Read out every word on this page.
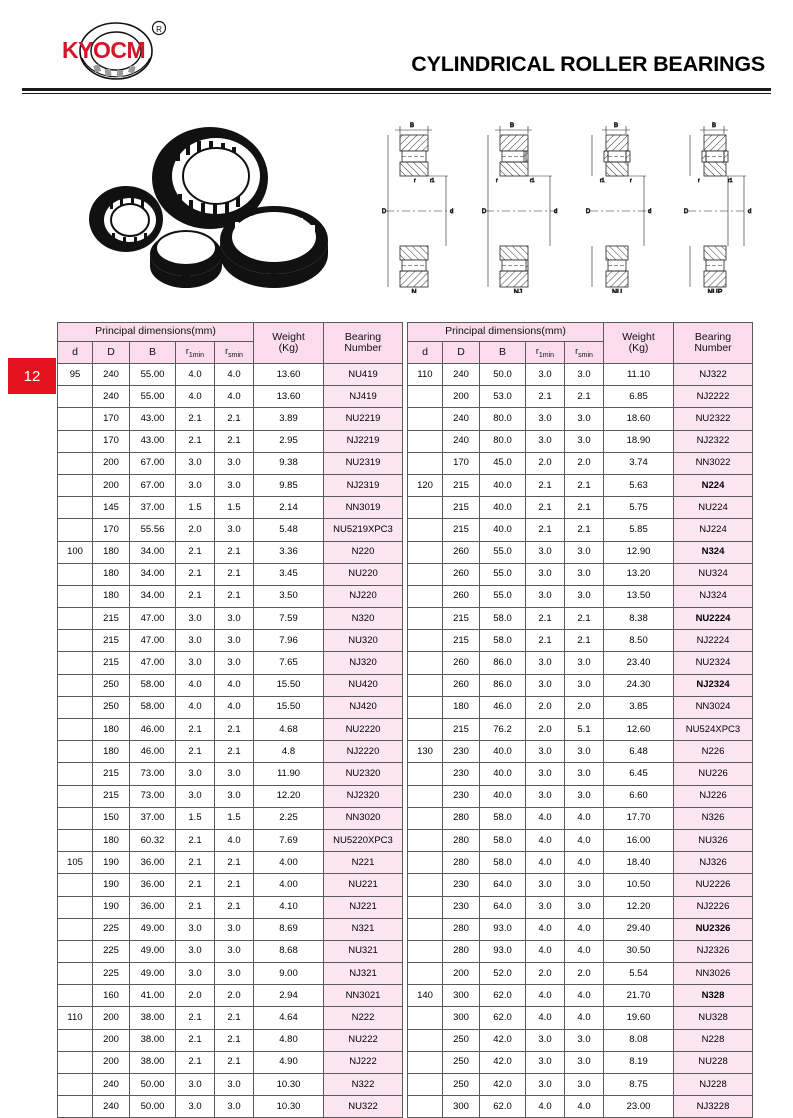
KYOCM
R
CYLINDRICAL ROLLER BEARINGS
B
D	d
r	r1
N
B
D	d
r	r1
NJ
B
D	d
r1	r
NU
B
D	d
r	r1
NUP
12
Principal dimensions(mm)	Weight
(Kg)

Bearing
Number

d	D	B	$r_{1min}$	$r_{smin}$
95	240	55.00	4.0	4.0	13.60	NU419
	240	55.00	4.0	4.0	13.60	NJ419
	170	43.00	2.1	2.1	3.89	NU2219
	170	43.00	2.1	2.1	2.95	NJ2219
	200	67.00	3.0	3.0	9.38	NU2319
	200	67.00	3.0	3.0	9.85	NJ2319
	145	37.00	1.5	1.5	2.14	NN3019
	170	55.56	2.0	3.0	5.48	NU5219XPC3
100	180	34.00	2.1	2.1	3.36	N220
	180	34.00	2.1	2.1	3.45	NU220
	180	34.00	2.1	2.1	3.50	NJ220
	215	47.00	3.0	3.0	7.59	N320
	215	47.00	3.0	3.0	7.96	NU320
	215	47.00	3.0	3.0	7.65	NJ320
	250	58.00	4.0	4.0	15.50	NU420
	250	58.00	4.0	4.0	15.50	NJ420
	180	46.00	2.1	2.1	4.68	NU2220
	180	46.00	2.1	2.1	4.8	NJ2220
	215	73.00	3.0	3.0	11.90	NU2320
	215	73.00	3.0	3.0	12.20	NJ2320
	150	37.00	1.5	1.5	2.25	NN3020
	180	60.32	2.1	4.0	7.69	NU5220XPC3
105	190	36.00	2.1	2.1	4.00	N221
	190	36.00	2.1	2.1	4.00	NU221
	190	36.00	2.1	2.1	4.10	NJ221
	225	49.00	3.0	3.0	8.69	N321
	225	49.00	3.0	3.0	8.68	NU321
	225	49.00	3.0	3.0	9.00	NJ321
	160	41.00	2.0	2.0	2.94	NN3021
110	200	38.00	2.1	2.1	4.64	N222
	200	38.00	2.1	2.1	4.80	NU222
	200	38.00	2.1	2.1	4.90	NJ222
	240	50.00	3.0	3.0	10.30	N322
	240	50.00	3.0	3.0	10.30	NU322
Principal dimensions(mm)	Weight
(Kg)

Bearing
Number

d	D	B	$r_{1min}$	$r_{smin}$
110	240	50.0	3.0	3.0	11.10	NJ322
	200	53.0	2.1	2.1	6.85	NJ2222
	240	80.0	3.0	3.0	18.60	NU2322
	240	80.0	3.0	3.0	18.90	NJ2322
	170	45.0	2.0	2.0	3.74	NN3022
120	215	40.0	2.1	2.1	5.63	N224
	215	40.0	2.1	2.1	5.75	NU224
	215	40.0	2.1	2.1	5.85	NJ224
	260	55.0	3.0	3.0	12.90	N324
	260	55.0	3.0	3.0	13.20	NU324
	260	55.0	3.0	3.0	13.50	NJ324
	215	58.0	2.1	2.1	8.38	NU2224
	215	58.0	2.1	2.1	8.50	NJ2224
	260	86.0	3.0	3.0	23.40	NU2324
	260	86.0	3.0	3.0	24.30	NJ2324
	180	46.0	2.0	2.0	3.85	NN3024
	215	76.2	2.0	5.1	12.60	NU524XPC3
130	230	40.0	3.0	3.0	6.48	N226
	230	40.0	3.0	3.0	6.45	NU226
	230	40.0	3.0	3.0	6.60	NJ226
	280	58.0	4.0	4.0	17.70	N326
	280	58.0	4.0	4.0	16.00	NU326
	280	58.0	4.0	4.0	18.40	NJ326
	230	64.0	3.0	3.0	10.50	NU2226
	230	64.0	3.0	3.0	12.20	NJ2226
	280	93.0	4.0	4.0	29.40	NU2326
	280	93.0	4.0	4.0	30.50	NJ2326
	200	52.0	2.0	2.0	5.54	NN3026
140	300	62.0	4.0	4.0	21.70	N328
	300	62.0	4.0	4.0	19.60	NU328
	250	42.0	3.0	3.0	8.08	N228
	250	42.0	3.0	3.0	8.19	NU228
	250	42.0	3.0	3.0	8.75	NJ228
	300	62.0	4.0	4.0	23.00	NJ3228
